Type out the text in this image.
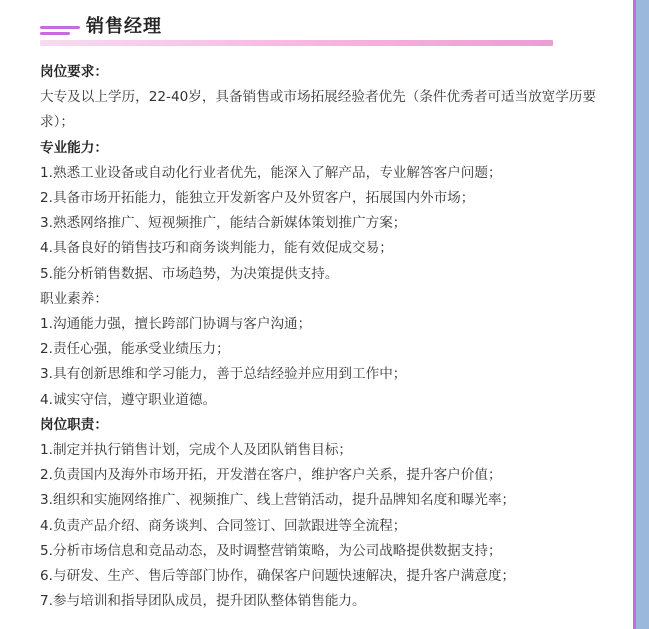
销售经理
岗位要求：
大专及以上学历，22-40岁，具备销售或市场拓展经验者优先（条件优秀者可适当放宽学历要求）；
专业能力：
1.熟悉工业设备或自动化行业者优先，能深入了解产品，专业解答客户问题；
2.具备市场开拓能力，能独立开发新客户及外贸客户，拓展国内外市场；
3.熟悉网络推广、短视频推广，能结合新媒体策划推广方案；
4.具备良好的销售技巧和商务谈判能力，能有效促成交易；
5.能分析销售数据、市场趋势，为决策提供支持。
职业素养：
1.沟通能力强，擅长跨部门协调与客户沟通；
2.责任心强，能承受业绩压力；
3.具有创新思维和学习能力，善于总结经验并应用到工作中；
4.诚实守信，遵守职业道德。
岗位职责：
1.制定并执行销售计划，完成个人及团队销售目标；
2.负责国内及海外市场开拓，开发潜在客户，维护客户关系，提升客户价值；
3.组织和实施网络推广、视频推广、线上营销活动，提升品牌知名度和曝光率；
4.负责产品介绍、商务谈判、合同签订、回款跟进等全流程；
5.分析市场信息和竞品动态，及时调整营销策略，为公司战略提供数据支持；
6.与研发、生产、售后等部门协作，确保客户问题快速解决，提升客户满意度；
7.参与培训和指导团队成员，提升团队整体销售能力。
